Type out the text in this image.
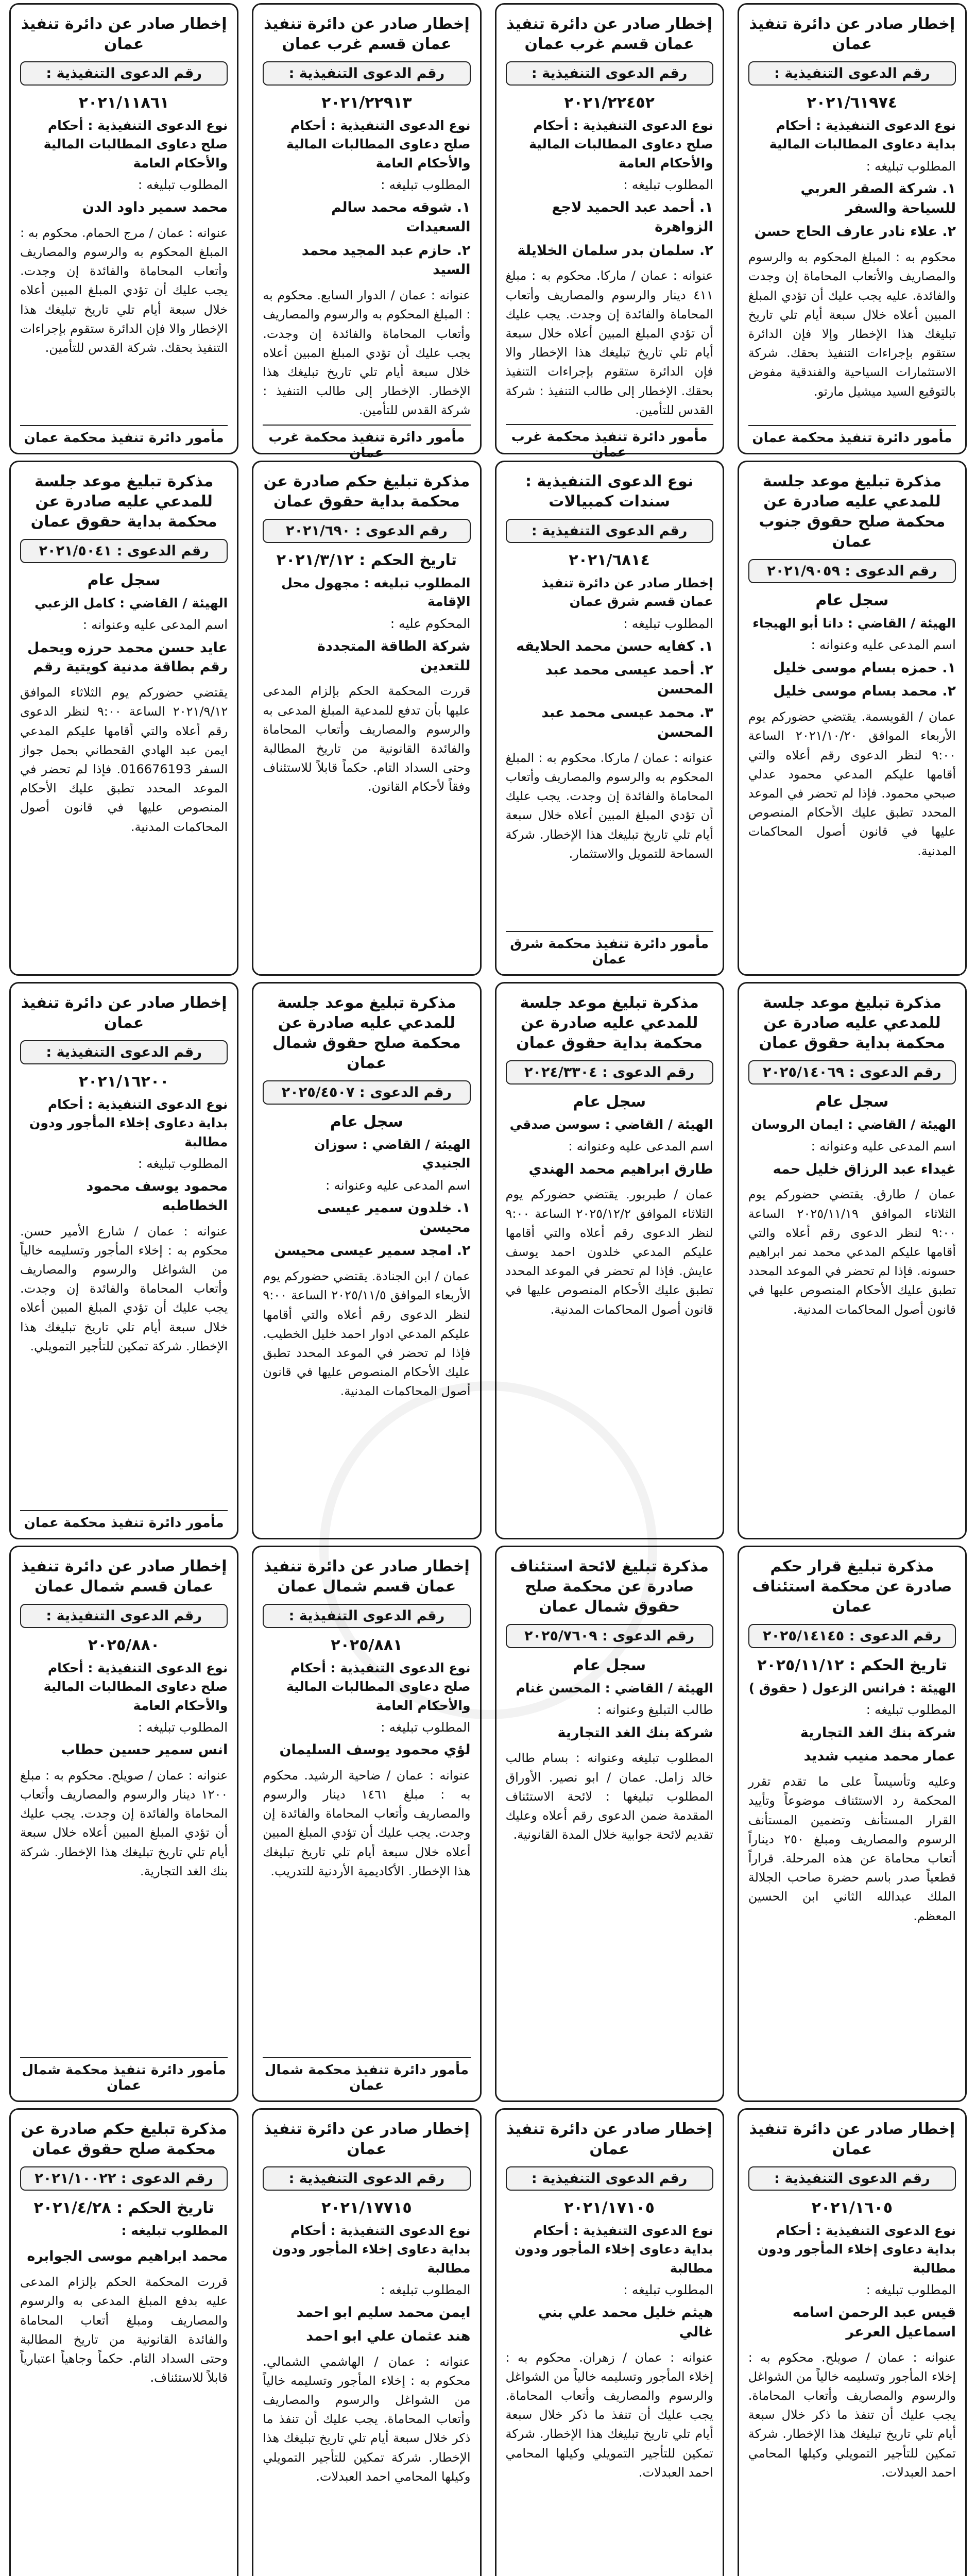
إخطار صادر عن دائرة تنفيذ عمان
رقم الدعوى التنفيذية :
٢٠٢١/٦١٩٧٤
نوع الدعوى التنفيذية : أحكام بداية دعاوى المطالبات المالية
المطلوب تبليغه :
١. شركة الصقر العربي للسياحة والسفر
٢. علاء نادر عارف الحاج حسن
محكوم به : المبلغ المحكوم به والرسوم والمصاريف والأتعاب المحاماة إن وجدت والفائدة. عليه يجب عليك أن تؤدي المبلغ المبين أعلاه خلال سبعة أيام تلي تاريخ تبليغك هذا الإخطار وإلا فإن الدائرة ستقوم بإجراءات التنفيذ بحقك. شركة الاستثمارات السياحية والفندقية مفوض بالتوقيع السيد ميشيل مارتو.
مأمور دائرة تنفيذ محكمة عمان
إخطار صادر عن دائرة تنفيذ عمان قسم غرب عمان
رقم الدعوى التنفيذية :
٢٠٢١/٢٢٤٥٢
نوع الدعوى التنفيذية : أحكام صلح دعاوى المطالبات المالية والأحكام العامة
المطلوب تبليغه :
١. أحمد عبد الحميد لاجع الزواهرة
٢. سلمان بدر سلمان الخلايلة
عنوانه : عمان / ماركا. محكوم به : مبلغ ٤١١ دينار والرسوم والمصاريف وأتعاب المحاماة والفائدة إن وجدت. يجب عليك أن تؤدي المبلغ المبين أعلاه خلال سبعة أيام تلي تاريخ تبليغك هذا الإخطار والا فإن الدائرة ستقوم بإجراءات التنفيذ بحقك. الإخطار إلى طالب التنفيذ : شركة القدس للتأمين.
مأمور دائرة تنفيذ محكمة غرب عمان
إخطار صادر عن دائرة تنفيذ عمان قسم غرب عمان
رقم الدعوى التنفيذية :
٢٠٢١/٢٢٩١٣
نوع الدعوى التنفيذية : أحكام صلح دعاوى المطالبات المالية والأحكام العامة
المطلوب تبليغه :
١. شوقه محمد سالم السعيدات
٢. حازم عبد المجيد محمد السيد
عنوانه : عمان / الدوار السابع. محكوم به : المبلغ المحكوم به والرسوم والمصاريف وأتعاب المحاماة والفائدة إن وجدت. يجب عليك أن تؤدي المبلغ المبين أعلاه خلال سبعة أيام تلي تاريخ تبليغك هذا الإخطار. الإخطار إلى طالب التنفيذ : شركة القدس للتأمين.
مأمور دائرة تنفيذ محكمة غرب عمان
إخطار صادر عن دائرة تنفيذ عمان
رقم الدعوى التنفيذية :
٢٠٢١/١١٨٦١
نوع الدعوى التنفيذية : أحكام صلح دعاوى المطالبات المالية والأحكام العامة
المطلوب تبليغه :
محمد سمير داود الدن
عنوانه : عمان / مرج الحمام. محكوم به : المبلغ المحكوم به والرسوم والمصاريف وأتعاب المحاماة والفائدة إن وجدت. يجب عليك أن تؤدي المبلغ المبين أعلاه خلال سبعة أيام تلي تاريخ تبليغك هذا الإخطار والا فإن الدائرة ستقوم بإجراءات التنفيذ بحقك. شركة القدس للتأمين.
مأمور دائرة تنفيذ محكمة عمان
مذكرة تبليغ موعد جلسة للمدعي عليه صادرة عن محكمة صلح حقوق جنوب عمان
رقم الدعوى : ٢٠٢١/٩٠٥٩
سجل عام
الهيئة / القاضي : دانا أبو الهيجاء
اسم المدعى عليه وعنوانه :
١. حمزه بسام موسى خليل
٢. محمد بسام موسى خليل
عمان / القويسمة. يقتضي حضوركم يوم الأربعاء الموافق ٢٠٢١/١٠/٢٠ الساعة ٩:٠٠ لنظر الدعوى رقم أعلاه والتي أقامها عليكم المدعي محمود عدلي صبحي محمود. فإذا لم تحضر في الموعد المحدد تطبق عليك الأحكام المنصوص عليها في قانون أصول المحاكمات المدنية.
نوع الدعوى التنفيذية : سندات كمبيالات
رقم الدعوى التنفيذية :
٢٠٢١/٦٨١٤
إخطار صادر عن دائرة تنفيذ عمان قسم شرق عمان
المطلوب تبليغه :
١. كفايه حسن محمد الحلايقه
٢. أحمد عيسى محمد عبد المحسن
٣. محمد عيسى محمد عبد المحسن
عنوانه : عمان / ماركا. محكوم به : المبلغ المحكوم به والرسوم والمصاريف وأتعاب المحاماة والفائدة إن وجدت. يجب عليك أن تؤدي المبلغ المبين أعلاه خلال سبعة أيام تلي تاريخ تبليغك هذا الإخطار. شركة السماحة للتمويل والاستثمار.
مأمور دائرة تنفيذ محكمة شرق عمان
مذكرة تبليغ حكم صادرة عن محكمة بداية حقوق عمان
رقم الدعوى : ٢٠٢١/٦٩٠
تاريخ الحكم : ٢٠٢١/٣/١٢
المطلوب تبليغه : مجهول محل الإقامة
المحكوم عليه :
شركة الطاقة المتجددة للتعدين
قررت المحكمة الحكم بإلزام المدعى عليها بأن تدفع للمدعية المبلغ المدعى به والرسوم والمصاريف وأتعاب المحاماة والفائدة القانونية من تاريخ المطالبة وحتى السداد التام. حكماً قابلاً للاستئناف وفقاً لأحكام القانون.
مذكرة تبليغ موعد جلسة للمدعي عليه صادرة عن محكمة بداية حقوق عمان
رقم الدعوى : ٢٠٢١/٥٠٤١
سجل عام
الهيئة / القاضي : كامل الزعبي
اسم المدعى عليه وعنوانه :
عايد حسن محمد حرزه ويحمل رقم بطاقة مدنية كويتية رقم
يقتضي حضوركم يوم الثلاثاء الموافق ٢٠٢١/٩/١٢ الساعة ٩:٠٠ لنظر الدعوى رقم أعلاه والتي أقامها عليكم المدعي ايمن عبد الهادي القحطاني بحمل جواز السفر 016676193. فإذا لم تحضر في الموعد المحدد تطبق عليك الأحكام المنصوص عليها في قانون أصول المحاكمات المدنية.
مذكرة تبليغ موعد جلسة للمدعي عليه صادرة عن محكمة بداية حقوق عمان
رقم الدعوى : ٢٠٢٥/١٤٠٦٩
سجل عام
الهيئة / القاضي : ايمان الروسان
اسم المدعى عليه وعنوانه :
غيداء عبد الرزاق خليل حمه
عمان / طارق. يقتضي حضوركم يوم الثلاثاء الموافق ٢٠٢٥/١١/١٩ الساعة ٩:٠٠ لنظر الدعوى رقم أعلاه والتي أقامها عليكم المدعي محمد نمر ابراهيم حسونه. فإذا لم تحضر في الموعد المحدد تطبق عليك الأحكام المنصوص عليها في قانون أصول المحاكمات المدنية.
مذكرة تبليغ موعد جلسة للمدعي عليه صادرة عن محكمة بداية حقوق عمان
رقم الدعوى : ٢٠٢٤/٣٣٠٤
سجل عام
الهيئة / القاضي : سوسن صدقي
اسم المدعى عليه وعنوانه :
طارق ابراهيم محمد الهندي
عمان / طبربور. يقتضي حضوركم يوم الثلاثاء الموافق ٢٠٢٥/١٢/٢ الساعة ٩:٠٠ لنظر الدعوى رقم أعلاه والتي أقامها عليكم المدعي خلدون احمد يوسف عايش. فإذا لم تحضر في الموعد المحدد تطبق عليك الأحكام المنصوص عليها في قانون أصول المحاكمات المدنية.
مذكرة تبليغ موعد جلسة للمدعي عليه صادرة عن محكمة صلح حقوق شمال عمان
رقم الدعوى : ٢٠٢٥/٤٥٠٧
سجل عام
الهيئة / القاضي : سوزان الجنيدي
اسم المدعى عليه وعنوانه :
١. خلدون سمير عيسى محيسن
٢. امجد سمير عيسى محيسن
عمان / ابن الجنادة. يقتضي حضوركم يوم الأربعاء الموافق ٢٠٢٥/١١/٥ الساعة ٩:٠٠ لنظر الدعوى رقم أعلاه والتي أقامها عليكم المدعي ادوار احمد خليل الخطيب. فإذا لم تحضر في الموعد المحدد تطبق عليك الأحكام المنصوص عليها في قانون أصول المحاكمات المدنية.
إخطار صادر عن دائرة تنفيذ عمان
رقم الدعوى التنفيذية :
٢٠٢١/١٦٢٠٠
نوع الدعوى التنفيذية : أحكام بداية دعاوى إخلاء المأجور ودون مطالبة
المطلوب تبليغه :
محمود يوسف محمود الخطاطبه
عنوانه : عمان / شارع الأمير حسن. محكوم به : إخلاء المأجور وتسليمه خالياً من الشواغل والرسوم والمصاريف وأتعاب المحاماة والفائدة إن وجدت. يجب عليك أن تؤدي المبلغ المبين أعلاه خلال سبعة أيام تلي تاريخ تبليغك هذا الإخطار. شركة تمكين للتأجير التمويلي.
مأمور دائرة تنفيذ محكمة عمان
مذكرة تبليغ قرار حكم صادرة عن محكمة استئناف عمان
رقم الدعوى : ٢٠٢٥/١٤١٤٥
تاريخ الحكم : ٢٠٢٥/١١/١٢
الهيئة : فرانس الزعول ( حقوق )
المطلوب تبليغه :
شركة بنك الغد التجارية
عمار محمد منيب شديد
وعليه وتأسيساً على ما تقدم تقرر المحكمة رد الاستئناف موضوعاً وتأييد القرار المستأنف وتضمين المستأنف الرسوم والمصاريف ومبلغ ٢٥٠ ديناراً أتعاب محاماة عن هذه المرحلة. قراراً قطعياً صدر باسم حضرة صاحب الجلالة الملك عبدالله الثاني ابن الحسين المعظم.
مذكرة تبليغ لائحة استئناف صادرة عن محكمة صلح حقوق شمال عمان
رقم الدعوى : ٢٠٢٥/٧٦٠٩
سجل عام
الهيئة / القاضي : المحسن غنام
طالب التبليغ وعنوانه :
شركة بنك الغد التجارية
المطلوب تبليغه وعنوانه : بسام طالب خالد زامل. عمان / ابو نصير. الأوراق المطلوب تبليغها : لائحة الاستئناف المقدمة ضمن الدعوى رقم أعلاه وعليك تقديم لائحة جوابية خلال المدة القانونية.
إخطار صادر عن دائرة تنفيذ عمان قسم شمال عمان
رقم الدعوى التنفيذية :
٢٠٢٥/٨٨١
نوع الدعوى التنفيذية : أحكام صلح دعاوى المطالبات المالية والأحكام العامة
المطلوب تبليغه :
لؤي محمود يوسف السليمان
عنوانه : عمان / ضاحية الرشيد. محكوم به : مبلغ ١٤٦١ دينار والرسوم والمصاريف وأتعاب المحاماة والفائدة إن وجدت. يجب عليك أن تؤدي المبلغ المبين أعلاه خلال سبعة أيام تلي تاريخ تبليغك هذا الإخطار. الأكاديمية الأردنية للتدريب.
مأمور دائرة تنفيذ محكمة شمال عمان
إخطار صادر عن دائرة تنفيذ عمان قسم شمال عمان
رقم الدعوى التنفيذية :
٢٠٢٥/٨٨٠
نوع الدعوى التنفيذية : أحكام صلح دعاوى المطالبات المالية والأحكام العامة
المطلوب تبليغه :
انس سمير حسين حطاب
عنوانه : عمان / صويلح. محكوم به : مبلغ ١٢٠٠ دينار والرسوم والمصاريف وأتعاب المحاماة والفائدة إن وجدت. يجب عليك أن تؤدي المبلغ المبين أعلاه خلال سبعة أيام تلي تاريخ تبليغك هذا الإخطار. شركة بنك الغد التجارية.
مأمور دائرة تنفيذ محكمة شمال عمان
إخطار صادر عن دائرة تنفيذ عمان
رقم الدعوى التنفيذية :
٢٠٢١/١٦٠٥
نوع الدعوى التنفيذية : أحكام بداية دعاوى إخلاء المأجور ودون مطالبة
المطلوب تبليغه :
قيس عبد الرحمن اسامه اسماعيل العرعر
عنوانه : عمان / صويلح. محكوم به : إخلاء المأجور وتسليمه خالياً من الشواغل والرسوم والمصاريف وأتعاب المحاماة. يجب عليك أن تنفذ ما ذكر خلال سبعة أيام تلي تاريخ تبليغك هذا الإخطار. شركة تمكين للتأجير التمويلي وكيلها المحامي احمد العبدلات.
إخطار صادر عن دائرة تنفيذ عمان
رقم الدعوى التنفيذية :
٢٠٢١/١٧١٠٥
نوع الدعوى التنفيذية : أحكام بداية دعاوى إخلاء المأجور ودون مطالبة
المطلوب تبليغه :
هيثم خليل محمد علي بني غالي
عنوانه : عمان / زهران. محكوم به : إخلاء المأجور وتسليمه خالياً من الشواغل والرسوم والمصاريف وأتعاب المحاماة. يجب عليك أن تنفذ ما ذكر خلال سبعة أيام تلي تاريخ تبليغك هذا الإخطار. شركة تمكين للتأجير التمويلي وكيلها المحامي احمد العبدلات.
إخطار صادر عن دائرة تنفيذ عمان
رقم الدعوى التنفيذية :
٢٠٢١/١٧٧١٥
نوع الدعوى التنفيذية : أحكام بداية دعاوى إخلاء المأجور ودون مطالبة
المطلوب تبليغه :
ايمن محمد سليم ابو احمد
هند عثمان علي ابو احمد
عنوانه : عمان / الهاشمي الشمالي. محكوم به : إخلاء المأجور وتسليمه خالياً من الشواغل والرسوم والمصاريف وأتعاب المحاماة. يجب عليك أن تنفذ ما ذكر خلال سبعة أيام تلي تاريخ تبليغك هذا الإخطار. شركة تمكين للتأجير التمويلي وكيلها المحامي احمد العبدلات.
مذكرة تبليغ حكم صادرة عن محكمة صلح حقوق عمان
رقم الدعوى : ٢٠٢١/١٠٠٢٢
تاريخ الحكم : ٢٠٢١/٤/٢٨
المطلوب تبليغه :
محمد ابراهيم موسى الجوابره
قررت المحكمة الحكم بإلزام المدعى عليه بدفع المبلغ المدعى به والرسوم والمصاريف ومبلغ أتعاب المحاماة والفائدة القانونية من تاريخ المطالبة وحتى السداد التام. حكماً وجاهياً اعتبارياً قابلاً للاستئناف.
